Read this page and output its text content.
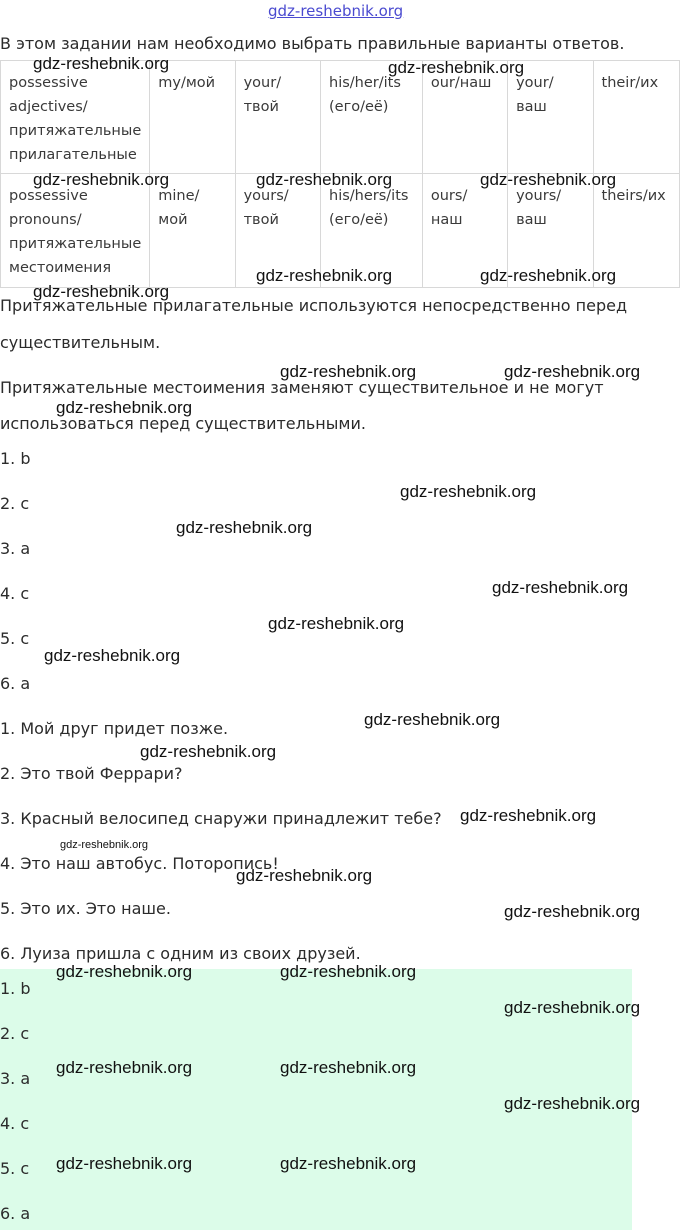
gdz-reshebnik.org
В этом задании нам необходимо выбрать правильные варианты ответов.
possessive adjectives/ притяжательные прилагательные	my/мой	your/ твой	his/her/its (его/её)	our/наш	your/ ваш	their/их
possessive pronouns/ притяжательные местоимения	mine/ мой	yours/ твой	his/hers/its (его/её)	ours/ наш	yours/ ваш	theirs/их
Притяжательные прилагательные используются непосредственно перед
существительным.
Притяжательные местоимения заменяют существительное и не могут
использоваться перед существительными.
1. b
2. c
3. a
4. c
5. c
6. a
1. Мой друг придет позже.
2. Это твой Феррари?
3. Красный велосипед снаружи принадлежит тебе?
4. Это наш автобус. Поторопись!
5. Это их. Это наше.
6. Луиза пришла с одним из своих друзей.
1. b
2. c
3. a
4. c
5. c
6. a
gdz-reshebnik.org	gdz-reshebnik.org
gdz-reshebnik.org	gdz-reshebnik.org	gdz-reshebnik.org
gdz-reshebnik.org	gdz-reshebnik.org
gdz-reshebnik.org
gdz-reshebnik.org	gdz-reshebnik.org
gdz-reshebnik.org
gdz-reshebnik.org
gdz-reshebnik.org
gdz-reshebnik.org
gdz-reshebnik.org
gdz-reshebnik.org
gdz-reshebnik.org
gdz-reshebnik.org
gdz-reshebnik.org
gdz-reshebnik.org
gdz-reshebnik.org
gdz-reshebnik.org
gdz-reshebnik.org	gdz-reshebnik.org
gdz-reshebnik.org
gdz-reshebnik.org	gdz-reshebnik.org
gdz-reshebnik.org
gdz-reshebnik.org	gdz-reshebnik.org
